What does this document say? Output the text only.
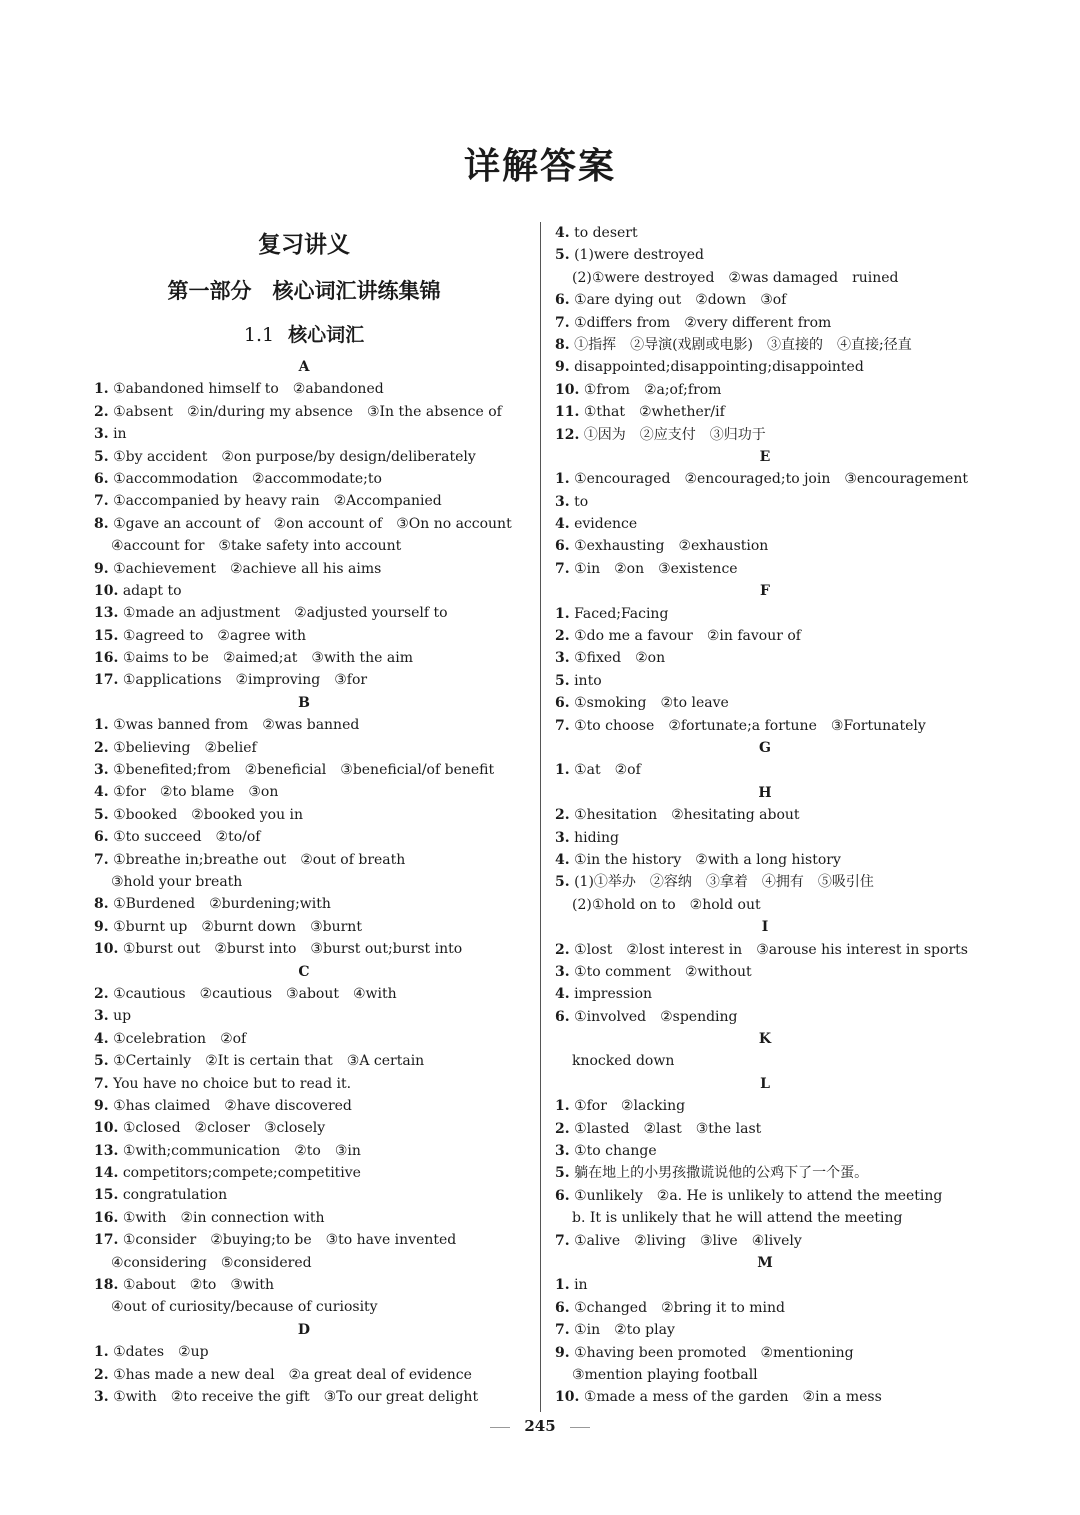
详解答案
复习讲义
第一部分　核心词汇讲练集锦
1.1 核心词汇
A
1. ①abandoned himself to　②abandoned
2. ①absent　②in/during my absence　③In the absence of
3. in
5. ①by accident　②on purpose/by design/deliberately
6. ①accommodation　②accommodate;to
7. ①accompanied by heavy rain　②Accompanied
8. ①gave an account of　②on account of　③On no account
④account for　⑤take safety into account
9. ①achievement　②achieve all his aims
10. adapt to
13. ①made an adjustment　②adjusted yourself to
15. ①agreed to　②agree with
16. ①aims to be　②aimed;at　③with the aim
17. ①applications　②improving　③for
B
1. ①was banned from　②was banned
2. ①believing　②belief
3. ①benefited;from　②beneficial　③beneficial/of benefit
4. ①for　②to blame　③on
5. ①booked　②booked you in
6. ①to succeed　②to/of
7. ①breathe in;breathe out　②out of breath
③hold your breath
8. ①Burdened　②burdening;with
9. ①burnt up　②burnt down　③burnt
10. ①burst out　②burst into　③burst out;burst into
C
2. ①cautious　②cautious　③about　④with
3. up
4. ①celebration　②of
5. ①Certainly　②It is certain that　③A certain
7. You have no choice but to read it.
9. ①has claimed　②have discovered
10. ①closed　②closer　③closely
13. ①with;communication　②to　③in
14. competitors;compete;competitive
15. congratulation
16. ①with　②in connection with
17. ①consider　②buying;to be　③to have invented
④considering　⑤considered
18. ①about　②to　③with
④out of curiosity/because of curiosity
D
1. ①dates　②up
2. ①has made a new deal　②a great deal of evidence
3. ①with　②to receive the gift　③To our great delight
4. to desert
5. (1)were destroyed
(2)①were destroyed　②was damaged　ruined
6. ①are dying out　②down　③of
7. ①differs from　②very different from
8. ①指挥　②导演(戏剧或电影)　③直接的　④直接;径直
9. disappointed;disappointing;disappointed
10. ①from　②a;of;from
11. ①that　②whether/if
12. ①因为　②应支付　③归功于
E
1. ①encouraged　②encouraged;to join　③encouragement
3. to
4. evidence
6. ①exhausting　②exhaustion
7. ①in　②on　③existence
F
1. Faced;Facing
2. ①do me a favour　②in favour of
3. ①fixed　②on
5. into
6. ①smoking　②to leave
7. ①to choose　②fortunate;a fortune　③Fortunately
G
1. ①at　②of
H
2. ①hesitation　②hesitating about
3. hiding
4. ①in the history　②with a long history
5. (1)①举办　②容纳　③拿着　④拥有　⑤吸引住
(2)①hold on to　②hold out
I
2. ①lost　②lost interest in　③arouse his interest in sports
3. ①to comment　②without
4. impression
6. ①involved　②spending
K
knocked down
L
1. ①for　②lacking
2. ①lasted　②last　③the last
3. ①to change
5. 躺在地上的小男孩撒谎说他的公鸡下了一个蛋。
6. ①unlikely　②a. He is unlikely to attend the meeting
b. It is unlikely that he will attend the meeting
7. ①alive　②living　③live　④lively
M
1. in
6. ①changed　②bring it to mind
7. ①in　②to play
9. ①having been promoted　②mentioning
③mention playing football
10. ①made a mess of the garden　②in a mess
245
